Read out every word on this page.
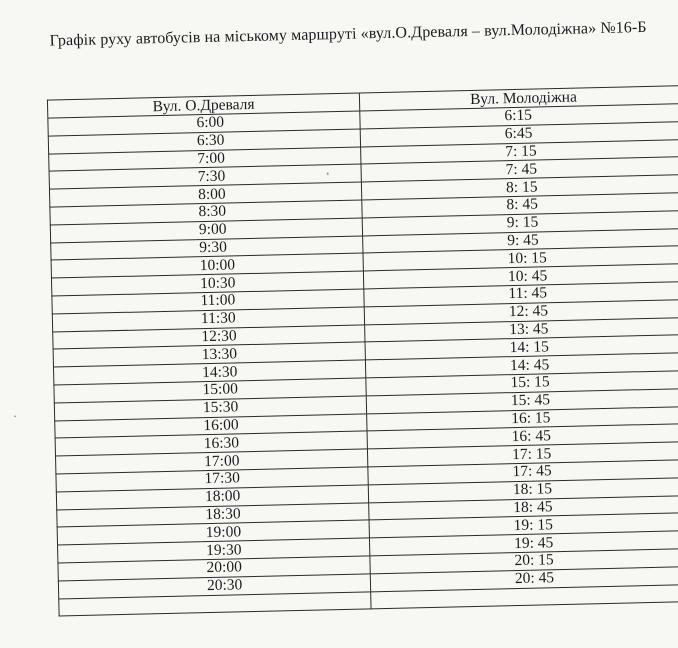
Графік руху автобусів на міському маршруті «вул.О.Древаля – вул.Молодіжна» №16-Б
Вул. О.Древаля	Вул. Молодіжна
6:00	6:15
6:30	6:45
7:00	7: 15
7:30	7: 45
8:00	8: 15
8:30	8: 45
9:00	9: 15
9:30	9: 45
10:00	10: 15
10:30	10: 45
11:00	11: 45
11:30	12: 45
12:30	13: 45
13:30	14: 15
14:30	14: 45
15:00	15: 15
15:30	15: 45
16:00	16: 15
16:30	16: 45
17:00	17: 15
17:30	17: 45
18:00	18: 15
18:30	18: 45
19:00	19: 15
19:30	19: 45
20:00	20: 15
20:30	20: 45
